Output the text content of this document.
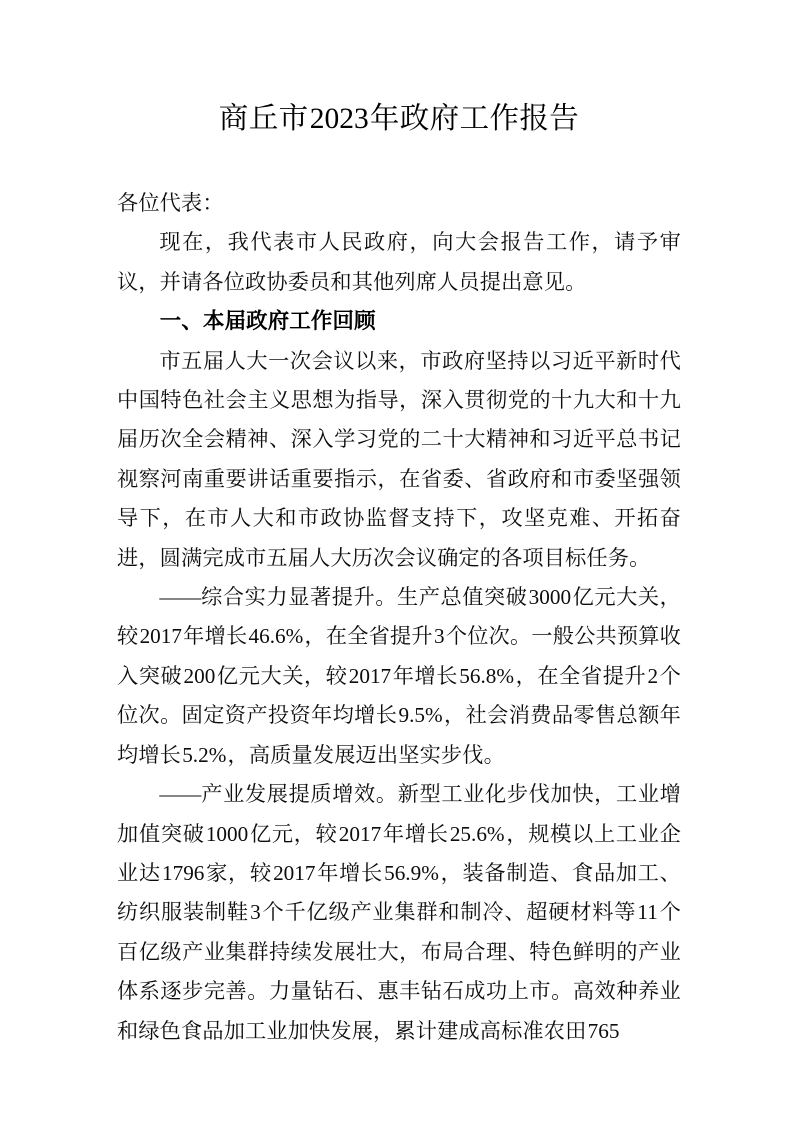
商丘市2023年政府工作报告

各位代表：

现在，我代表市人民政府，向大会报告工作，请予审议，并请各位政协委员和其他列席人员提出意见。

一、本届政府工作回顾

市五届人大一次会议以来，市政府坚持以习近平新时代中国特色社会主义思想为指导，深入贯彻党的十九大和十九届历次全会精神、深入学习党的二十大精神和习近平总书记视察河南重要讲话重要指示，在省委、省政府和市委坚强领导下，在市人大和市政协监督支持下，攻坚克难、开拓奋进，圆满完成市五届人大历次会议确定的各项目标任务。

——综合实力显著提升。生产总值突破3000亿元大关，较2017年增长46.6%，在全省提升3个位次。一般公共预算收入突破200亿元大关，较2017年增长56.8%，在全省提升2个位次。固定资产投资年均增长9.5%，社会消费品零售总额年均增长5.2%，高质量发展迈出坚实步伐。

——产业发展提质增效。新型工业化步伐加快，工业增加值突破1000亿元，较2017年增长25.6%，规模以上工业企业达1796家，较2017年增长56.9%，装备制造、食品加工、纺织服装制鞋3个千亿级产业集群和制冷、超硬材料等11个百亿级产业集群持续发展壮大，布局合理、特色鲜明的产业体系逐步完善。力量钻石、惠丰钻石成功上市。高效种养业和绿色食品加工业加快发展，累计建成高标准农田765
